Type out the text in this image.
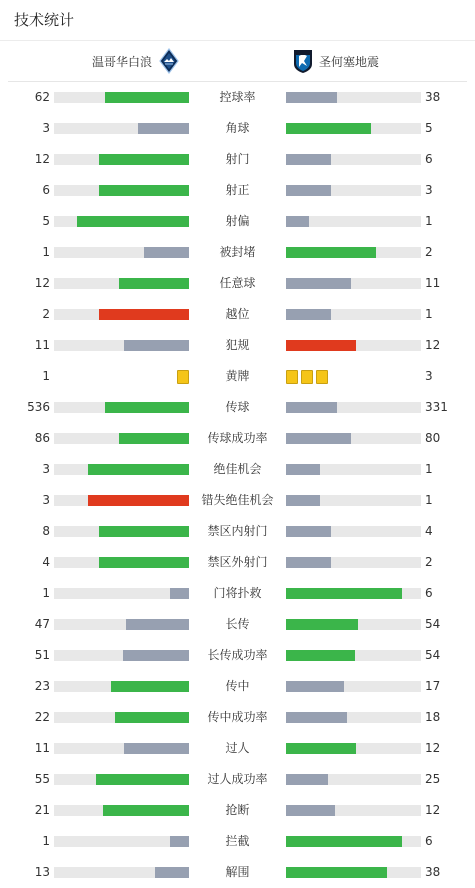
技术统计
温哥华白浪	圣何塞地震
62	控球率	38
3	角球	5
12	射门	6
6	射正	3
5	射偏	1
1	被封堵	2
12	任意球	11
2	越位	1
11	犯规	12
1	黄牌	3
536	传球	331
86	传球成功率	80
3	绝佳机会	1
3	错失绝佳机会	1
8	禁区内射门	4
4	禁区外射门	2
1	门将扑救	6
47	长传	54
51	长传成功率	54
23	传中	17
22	传中成功率	18
11	过人	12
55	过人成功率	25
21	抢断	12
1	拦截	6
13	解围	38
